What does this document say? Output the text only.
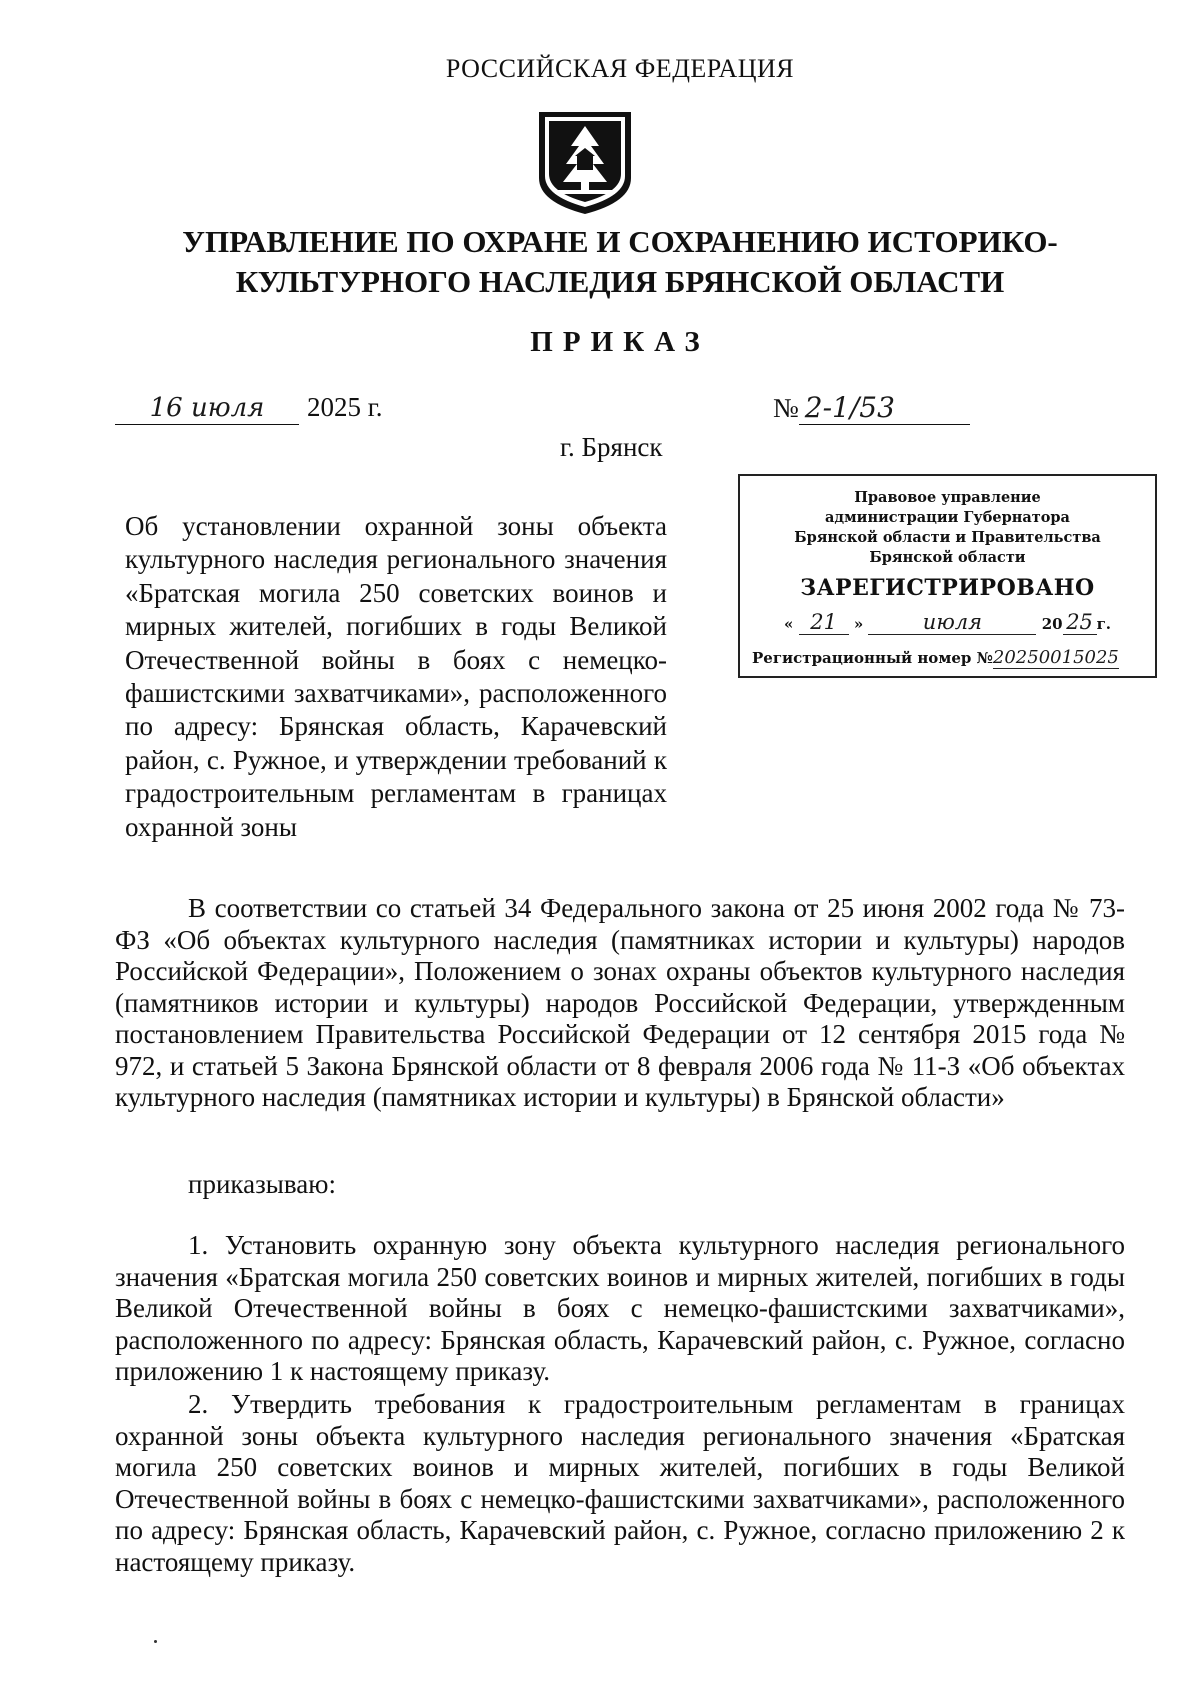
РОССИЙСКАЯ ФЕДЕРАЦИЯ
УПРАВЛЕНИЕ ПО ОХРАНЕ И СОХРАНЕНИЮ ИСТОРИКО-
КУЛЬТУРНОГО НАСЛЕДИЯ БРЯНСКОЙ ОБЛАСТИ
ПРИКАЗ
16 июля 2025 г.	№ 2-1/53
г. Брянск
Правовое управление
администрации Губернатора
Брянской области и Правительства
Брянской области
ЗАРЕГИСТРИРОВАНО
« 21 »	июля	20 25 г.
Регистрационный номер №20250015025
Об установлении охранной зоны объекта культурного наследия регионального значения «Братская могила 250 советских воинов и мирных жителей, погибших в годы Великой Отечественной войны в боях с немецко-фашистскими захватчиками», расположенного по адресу: Брянская область, Карачевский район, с. Ружное, и утверждении требований к градостроительным регламентам в границах охранной зоны

В соответствии со статьей 34 Федерального закона от 25 июня 2002 года № 73-ФЗ «Об объектах культурного наследия (памятниках истории и культуры) народов Российской Федерации», Положением о зонах охраны объектов культурного наследия (памятников истории и культуры) народов Российской Федерации, утвержденным постановлением Правительства Российской Федерации от 12 сентября 2015 года № 972, и статьей 5 Закона Брянской области от 8 февраля 2006 года № 11-З «Об объектах культурного наследия (памятниках истории и культуры) в Брянской области»

приказываю:

1. Установить охранную зону объекта культурного наследия регионального значения «Братская могила 250 советских воинов и мирных жителей, погибших в годы Великой Отечественной войны в боях с немецко-фашистскими захватчиками», расположенного по адресу: Брянская область, Карачевский район, с. Ружное, согласно приложению 1 к настоящему приказу.

2. Утвердить требования к градостроительным регламентам в границах охранной зоны объекта культурного наследия регионального значения «Братская могила 250 советских воинов и мирных жителей, погибших в годы Великой Отечественной войны в боях с немецко-фашистскими захватчиками», расположенного по адресу: Брянская область, Карачевский район, с. Ружное, согласно приложению 2 к настоящему приказу.
